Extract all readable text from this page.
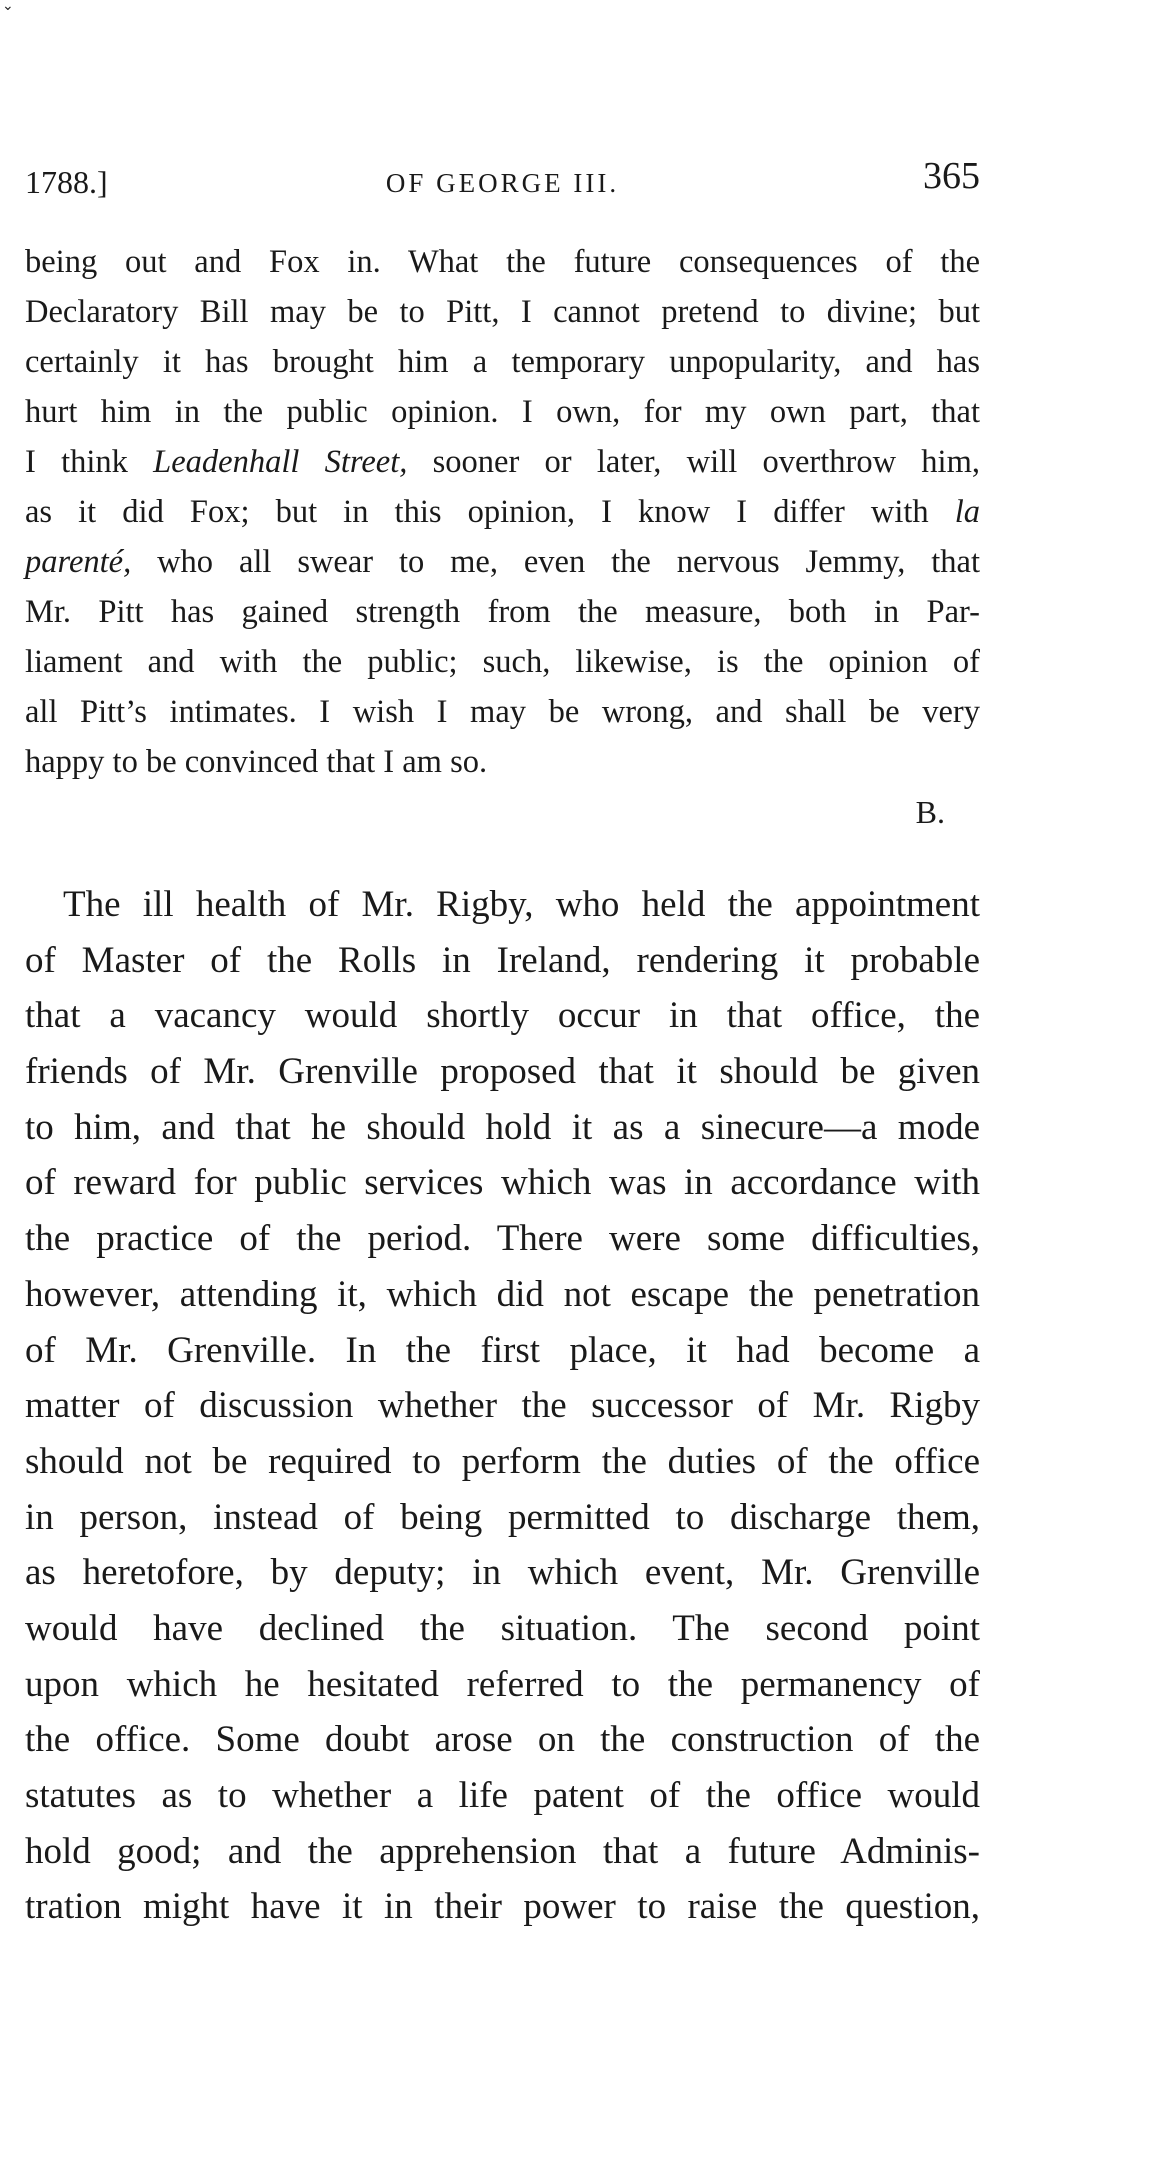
⌄
1788.]	OF GEORGE III.	365
being out and Fox in. What the future consequences of the
Declaratory Bill may be to Pitt, I cannot pretend to divine; but
certainly it has brought him a temporary unpopularity, and has
hurt him in the public opinion. I own, for my own part, that
I think Leadenhall Street, sooner or later, will overthrow him,
as it did Fox; but in this opinion, I know I differ with la
parenté, who all swear to me, even the nervous Jemmy, that
Mr. Pitt has gained strength from the measure, both in Par-
liament and with the public; such, likewise, is the opinion of
all Pitt’s intimates. I wish I may be wrong, and shall be very
happy to be convinced that I am so.
B.
The ill health of Mr. Rigby, who held the appointment
of Master of the Rolls in Ireland, rendering it probable
that a vacancy would shortly occur in that office, the
friends of Mr. Grenville proposed that it should be given
to him, and that he should hold it as a sinecure—a mode
of reward for public services which was in accordance with
the practice of the period. There were some difficulties,
however, attending it, which did not escape the penetration
of Mr. Grenville. In the first place, it had become a
matter of discussion whether the successor of Mr. Rigby
should not be required to perform the duties of the office
in person, instead of being permitted to discharge them,
as heretofore, by deputy; in which event, Mr. Grenville
would have declined the situation. The second point
upon which he hesitated referred to the permanency of
the office. Some doubt arose on the construction of the
statutes as to whether a life patent of the office would
hold good; and the apprehension that a future Adminis-
tration might have it in their power to raise the question,
